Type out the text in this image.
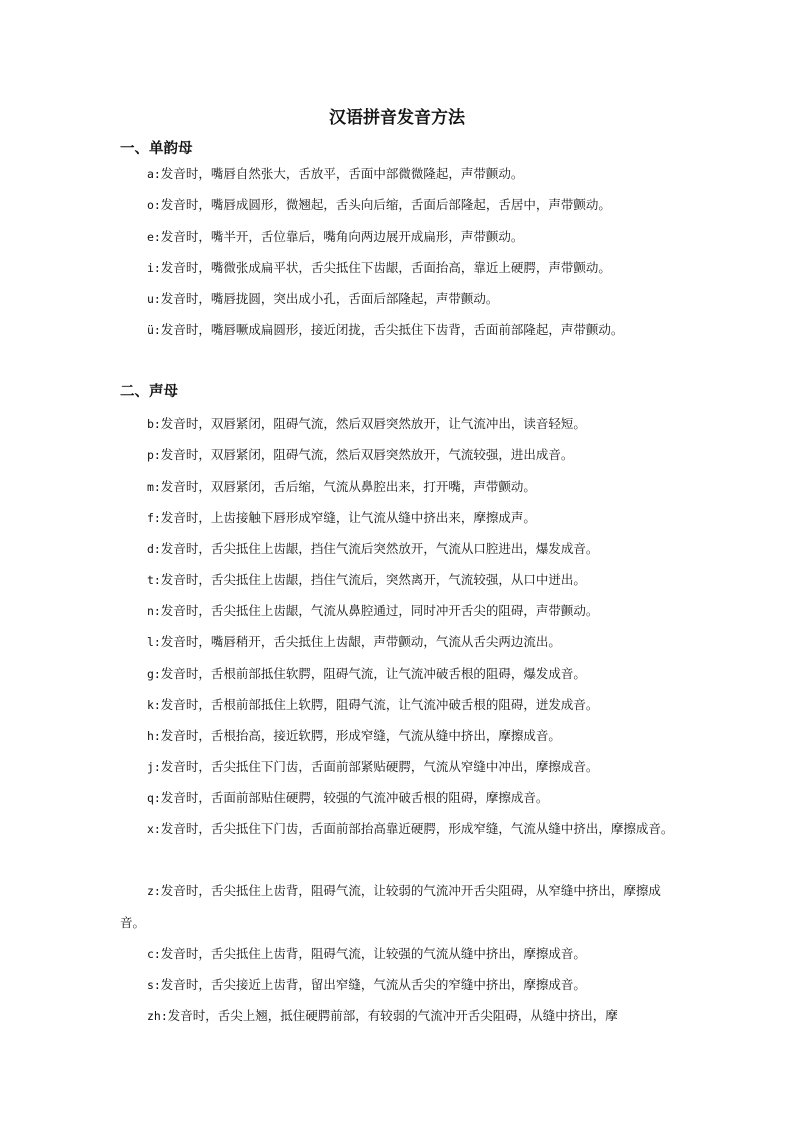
汉语拼音发音方法
一、单韵母

a:发音时，嘴唇自然张大，舌放平，舌面中部微微隆起，声带颤动。

o:发音时，嘴唇成圆形，微翘起，舌头向后缩，舌面后部隆起，舌居中，声带颤动。

e:发音时，嘴半开，舌位靠后，嘴角向两边展开成扁形，声带颤动。

i:发音时，嘴微张成扁平状，舌尖抵住下齿龈，舌面抬高，靠近上硬腭，声带颤动。

u:发音时，嘴唇拢圆，突出成小孔，舌面后部隆起，声带颤动。

ü:发音时，嘴唇噘成扁圆形，接近闭拢，舌尖抵住下齿背，舌面前部隆起，声带颤动。

二、声母

b:发音时，双唇紧闭，阻碍气流，然后双唇突然放开，让气流冲出，读音轻短。

p:发音时，双唇紧闭，阻碍气流，然后双唇突然放开，气流较强，进出成音。

m:发音时，双唇紧闭，舌后缩，气流从鼻腔出来，打开嘴，声带颤动。

f:发音时，上齿接触下唇形成窄缝，让气流从缝中挤出来，摩擦成声。

d:发音时，舌尖抵住上齿龈，挡住气流后突然放开，气流从口腔进出，爆发成音。

t:发音时，舌尖抵住上齿龈，挡住气流后，突然离开，气流较强，从口中迸出。

n:发音时，舌尖抵住上齿龈，气流从鼻腔通过，同时冲开舌尖的阻碍，声带颤动。

l:发音时，嘴唇稍开，舌尖抵住上齿龈，声带颤动，气流从舌尖两边流出。

g:发音时，舌根前部抵住软腭，阻碍气流，让气流冲破舌根的阻碍，爆发成音。

k:发音时，舌根前部抵住上软腭，阻碍气流，让气流冲破舌根的阻碍，迸发成音。

h:发音时，舌根抬高，接近软腭，形成窄缝，气流从缝中挤出，摩擦成音。

j:发音时，舌尖抵住下门齿，舌面前部紧贴硬腭，气流从窄缝中冲出，摩擦成音。

q:发音时，舌面前部贴住硬腭，较强的气流冲破舌根的阻碍，摩擦成音。

x:发音时，舌尖抵住下门齿，舌面前部抬高靠近硬腭，形成窄缝，气流从缝中挤出，摩擦成音。

z:发音时，舌尖抵住上齿背，阻碍气流，让较弱的气流冲开舌尖阻碍，从窄缝中挤出，摩擦成音。

c:发音时，舌尖抵住上齿背，阻碍气流，让较强的气流从缝中挤出，摩擦成音。

s:发音时，舌尖接近上齿背，留出窄缝，气流从舌尖的窄缝中挤出，摩擦成音。

zh:发音时，舌尖上翘，抵住硬腭前部，有较弱的气流冲开舌尖阻碍，从缝中挤出，摩
